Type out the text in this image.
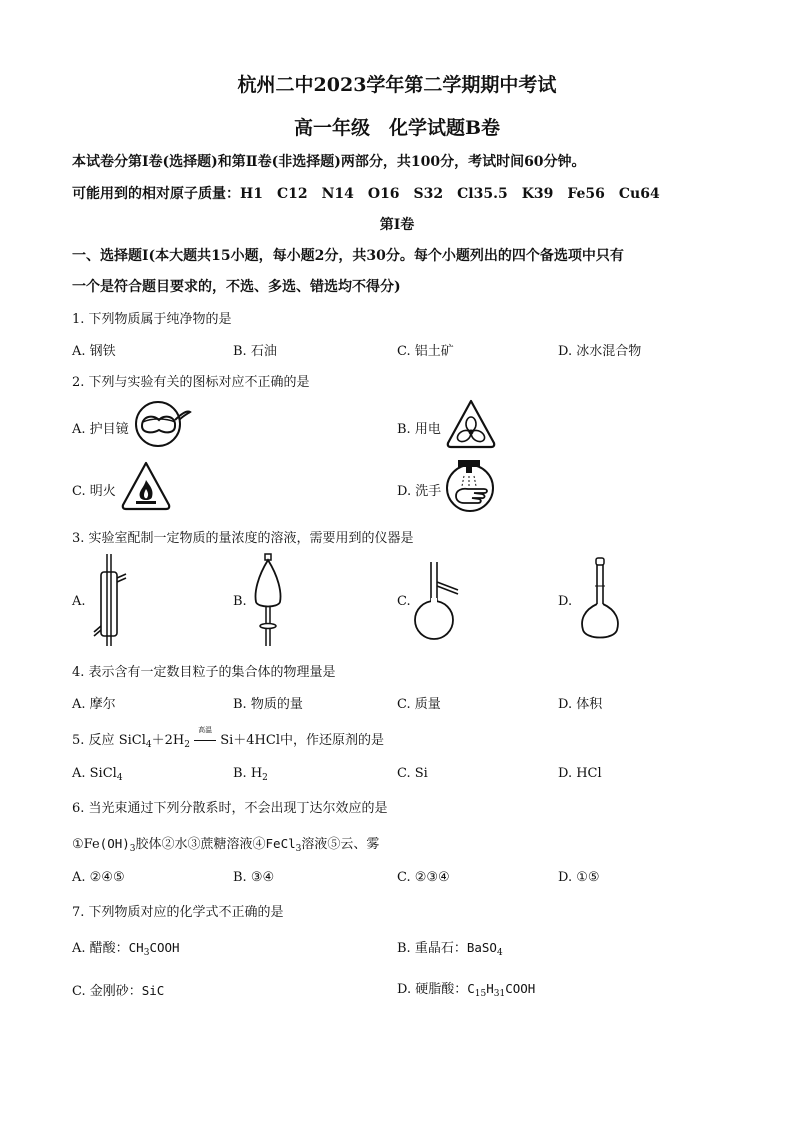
杭州二中2023学年第二学期期中考试
高一年级　化学试题B卷
本试卷分第Ⅰ卷(选择题)和第Ⅱ卷(非选择题)两部分，共100分，考试时间60分钟。
可能用到的相对原子质量：H1　C12　N14　O16　S32　Cl35.5　K39　Fe56　Cu64
第Ⅰ卷
一、选择题Ⅰ(本大题共15小题，每小题2分，共30分。每个小题列出的四个备选项中只有
一个是符合题目要求的，不选、多选、错选均不得分)
1. 下列物质属于纯净物的是
A. 钢铁	B. 石油	C. 铝土矿	D. 冰水混合物
2. 下列与实验有关的图标对应不正确的是
A. 护目镜	B. 用电
C. 明火	D. 洗手
3. 实验室配制一定物质的量浓度的溶液，需要用到的仪器是
A.	B.	C.	D.
4. 表示含有一定数目粒子的集合体的物理量是
A. 摩尔	B. 物质的量	C. 质量	D. 体积
5. 反应 $SiCl_4+2H_2$
高温
Si＋4HCl中，作还原剂的是
A. SiCl$_4$	B. $H_2$	C. Si	D. HCl
6. 当光束通过下列分散系时，不会出现丁达尔效应的是
$①Fe(OH)_3$胶体②水③蔗糖溶液④FeCl$_3$溶液⑤云、雾
A. ②④⑤	B. ③④	C. ②③④	D. ①⑤
7. 下列物质对应的化学式不正确的是
A. 醋酸：$CH_3COOH$	B. 重晶石：BaSO$_4$
C. 金刚砂：SiC	D. 硬脂酸：$C_{15}H_{31}COOH$
